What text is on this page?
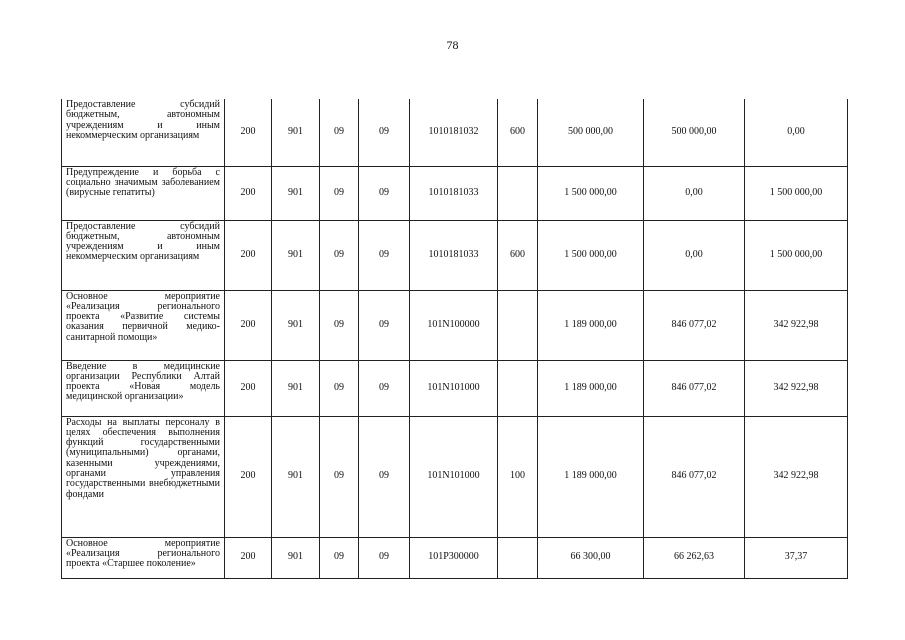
78
Предоставление субсидий бюджетным, автономным учреждениям и иным некоммерческим организациям	200	901	09	09	1010181032	600	500 000,00	500 000,00	0,00
Предупреждение и борьба с социально значимым заболеванием (вирусные гепатиты)	200	901	09	09	1010181033		1 500 000,00	0,00	1 500 000,00
Предоставление субсидий бюджетным, автономным учреждениям и иным некоммерческим организациям	200	901	09	09	1010181033	600	1 500 000,00	0,00	1 500 000,00
Основное мероприятие «Реализация регионального проекта «Развитие системы оказания первичной медико-санитарной помощи»	200	901	09	09	101N100000		1 189 000,00	846 077,02	342 922,98
Введение в медицинские организации Республики Алтай проекта «Новая модель медицинской организации»	200	901	09	09	101N101000		1 189 000,00	846 077,02	342 922,98
Расходы на выплаты персоналу в целях обеспечения выполнения функций государственными (муниципальными) органами, казенными учреждениями, органами управления государственными внебюджетными фондами	200	901	09	09	101N101000	100	1 189 000,00	846 077,02	342 922,98
Основное мероприятие «Реализация регионального проекта «Старшее поколение»	200	901	09	09	101P300000		66 300,00	66 262,63	37,37
